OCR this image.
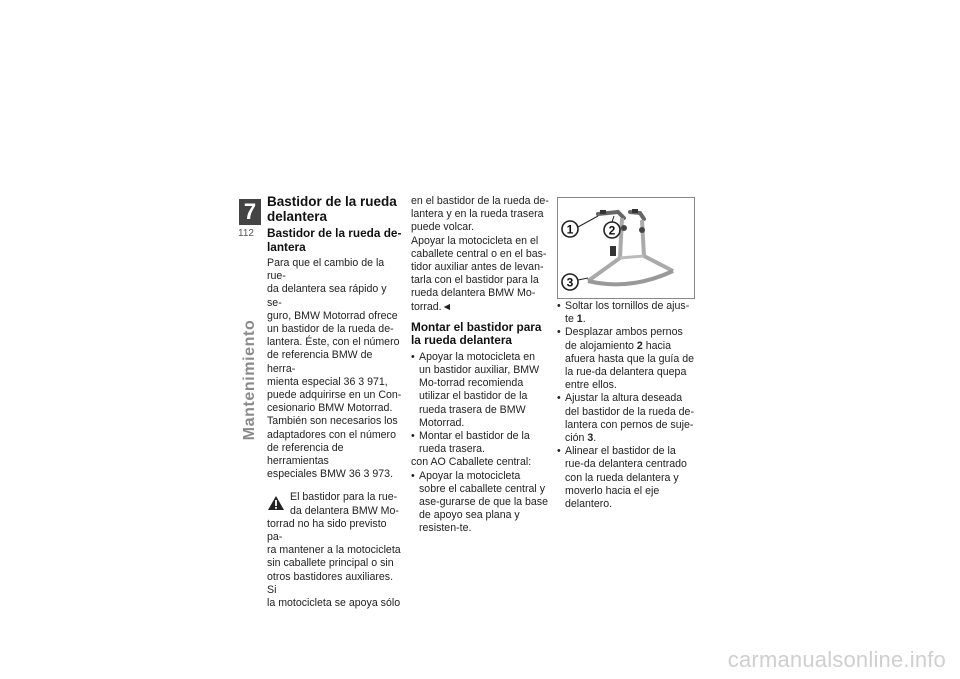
7
112
Mantenimiento
Bastidor de la rueda delantera
Bastidor de la rueda de-lantera
Para que el cambio de la rue-
da delantera sea rápido y se-
guro, BMW Motorrad ofrece
un bastidor de la rueda de-
lantera. Éste, con el número
de referencia BMW de herra-
mienta especial 36 3 971,
puede adquirirse en un Con-
cesionario BMW Motorrad.
También son necesarios los
adaptadores con el número
de referencia de herramientas
especiales BMW 36 3 973.
El bastidor para la rue-
da delantera BMW Mo-
torrad no ha sido previsto pa-
ra mantener a la motocicleta
sin caballete principal o sin
otros bastidores auxiliares. Si
la motocicleta se apoya sólo
en el bastidor de la rueda de-
lantera y en la rueda trasera
puede volcar.
Apoyar la motocicleta en el
caballete central o en el bas-
tidor auxiliar antes de levan-
tarla con el bastidor para la
rueda delantera BMW Mo-
torrad.◄
Montar el bastidor para la rueda delantera
• Apoyar la motocicleta en un bastidor auxiliar, BMW Mo-torrad recomienda utilizar el bastidor de la rueda trasera de BMW Motorrad.
• Montar el bastidor de la rueda trasera.
con AO Caballete central:
• Apoyar la motocicleta sobre el caballete central y ase-gurarse de que la base de apoyo sea plana y resisten-te.
1	2
3
• Soltar los tornillos de ajus-te 1.
• Desplazar ambos pernos de alojamiento 2 hacia afuera hasta que la guía de la rue-da delantera quepa entre ellos.
• Ajustar la altura deseada del bastidor de la rueda de-lantera con pernos de suje-ción 3.
• Alinear el bastidor de la rue-da delantera centrado con la rueda delantera y moverlo hacia el eje delantero.
carmanualsonline.info
